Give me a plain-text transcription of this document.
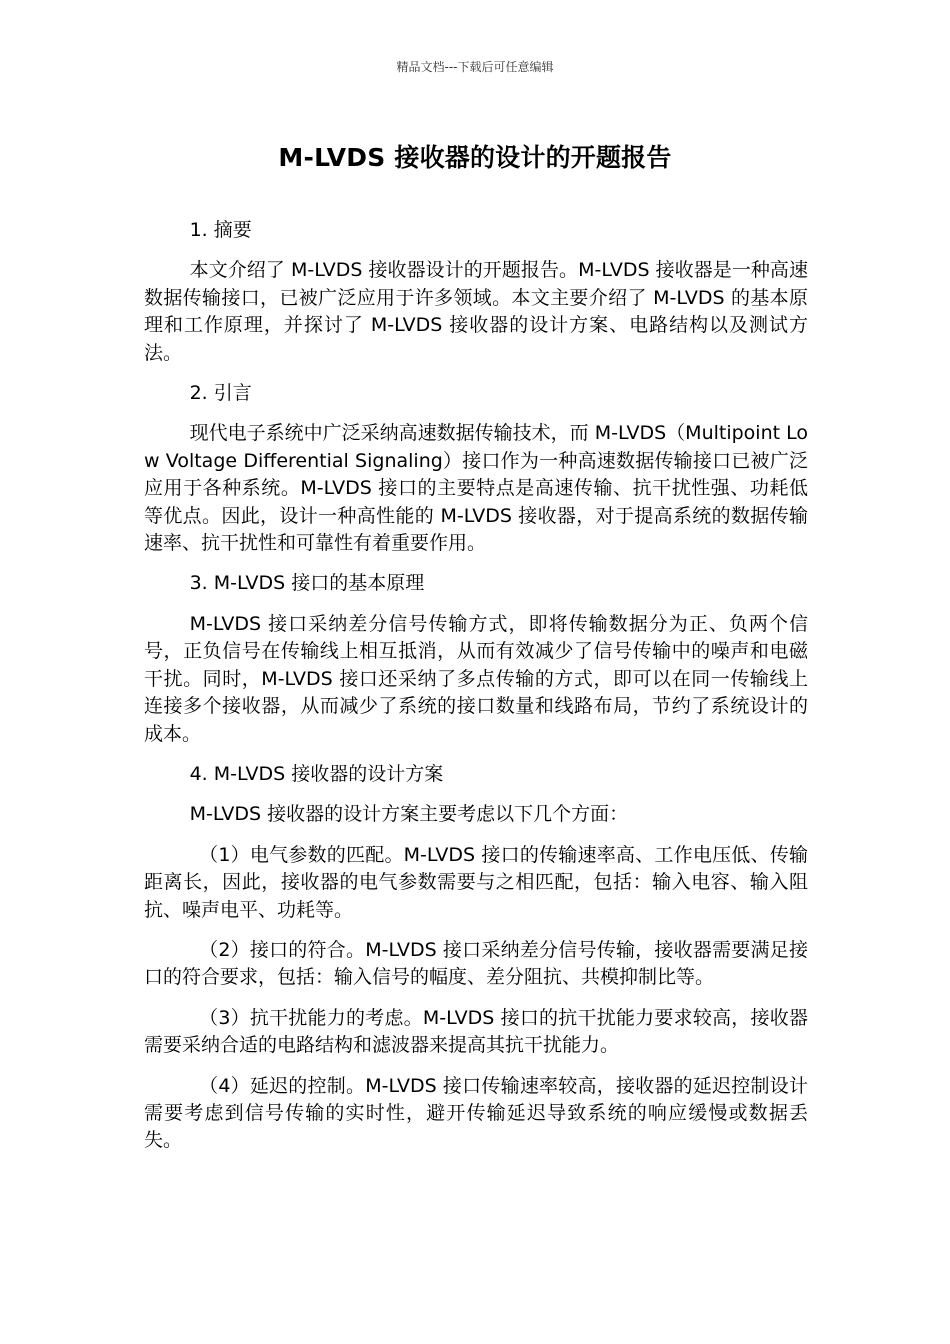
精品文档---下载后可任意编辑
M-LVDS 接收器的设计的开题报告

1. 摘要

本文介绍了 M-LVDS 接收器设计的开题报告。M-LVDS 接收器是一种高速数据传输接口，已被广泛应用于许多领域。本文主要介绍了 M-LVDS 的基本原理和工作原理，并探讨了 M-LVDS 接收器的设计方案、电路结构以及测试方法。

2. 引言

现代电子系统中广泛采纳高速数据传输技术，而 M-LVDS（Multipoint Low Voltage Differential Signaling）接口作为一种高速数据传输接口已被广泛应用于各种系统。M-LVDS 接口的主要特点是高速传输、抗干扰性强、功耗低等优点。因此，设计一种高性能的 M-LVDS 接收器，对于提高系统的数据传输速率、抗干扰性和可靠性有着重要作用。

3. M-LVDS 接口的基本原理

M-LVDS 接口采纳差分信号传输方式，即将传输数据分为正、负两个信号，正负信号在传输线上相互抵消，从而有效减少了信号传输中的噪声和电磁干扰。同时，M-LVDS 接口还采纳了多点传输的方式，即可以在同一传输线上连接多个接收器，从而减少了系统的接口数量和线路布局，节约了系统设计的成本。

4. M-LVDS 接收器的设计方案

M-LVDS 接收器的设计方案主要考虑以下几个方面：

（1）电气参数的匹配。M-LVDS 接口的传输速率高、工作电压低、传输距离长，因此，接收器的电气参数需要与之相匹配，包括：输入电容、输入阻抗、噪声电平、功耗等。

（2）接口的符合。M-LVDS 接口采纳差分信号传输，接收器需要满足接口的符合要求，包括：输入信号的幅度、差分阻抗、共模抑制比等。

（3）抗干扰能力的考虑。M-LVDS 接口的抗干扰能力要求较高，接收器需要采纳合适的电路结构和滤波器来提高其抗干扰能力。

（4）延迟的控制。M-LVDS 接口传输速率较高，接收器的延迟控制设计需要考虑到信号传输的实时性，避开传输延迟导致系统的响应缓慢或数据丢失。
